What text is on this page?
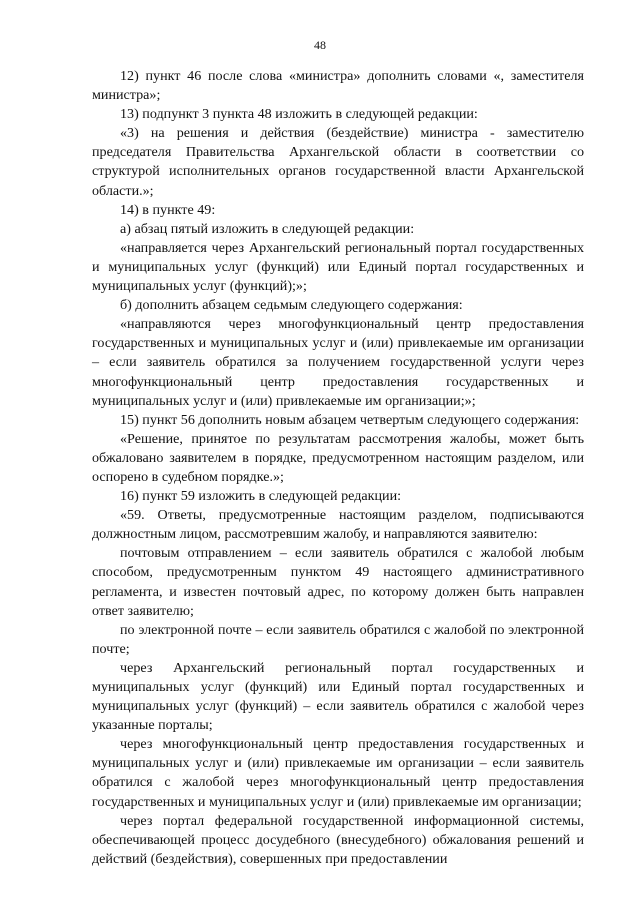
48

12) пункт 46 после слова «министра» дополнить словами «, заместителя министра»;

13) подпункт 3 пункта 48 изложить в следующей редакции:

«3) на решения и действия (бездействие) министра - заместителю председателя Правительства Архангельской области в соответствии со структурой исполнительных органов государственной власти Архангельской области.»;

14) в пункте 49:

а) абзац пятый изложить в следующей редакции:

«направляется через Архангельский региональный портал государственных и муниципальных услуг (функций) или Единый портал государственных и муниципальных услуг (функций);»;

б) дополнить абзацем седьмым следующего содержания:

«направляются через многофункциональный центр предоставления государственных и муниципальных услуг и (или) привлекаемые им организации – если заявитель обратился за получением государственной услуги через многофункциональный центр предоставления государственных и муниципальных услуг и (или) привлекаемые им организации;»;

15) пункт 56 дополнить новым абзацем четвертым следующего содержания:

«Решение, принятое по результатам рассмотрения жалобы, может быть обжаловано заявителем в порядке, предусмотренном настоящим разделом, или оспорено в судебном порядке.»;

16) пункт 59 изложить в следующей редакции:

«59. Ответы, предусмотренные настоящим разделом, подписываются должностным лицом, рассмотревшим жалобу, и направляются заявителю:

почтовым отправлением – если заявитель обратился с жалобой любым способом, предусмотренным пунктом 49 настоящего административного регламента, и известен почтовый адрес, по которому должен быть направлен ответ заявителю;

по электронной почте – если заявитель обратился с жалобой по электронной почте;

через Архангельский региональный портал государственных и муниципальных услуг (функций) или Единый портал государственных и муниципальных услуг (функций) – если заявитель обратился с жалобой через указанные порталы;

через многофункциональный центр предоставления государственных и муниципальных услуг и (или) привлекаемые им организации – если заявитель обратился с жалобой через многофункциональный центр предоставления государственных и муниципальных услуг и (или) привлекаемые им организации;

через портал федеральной государственной информационной системы, обеспечивающей процесс досудебного (внесудебного) обжалования решений и действий (бездействия), совершенных при предоставлении
